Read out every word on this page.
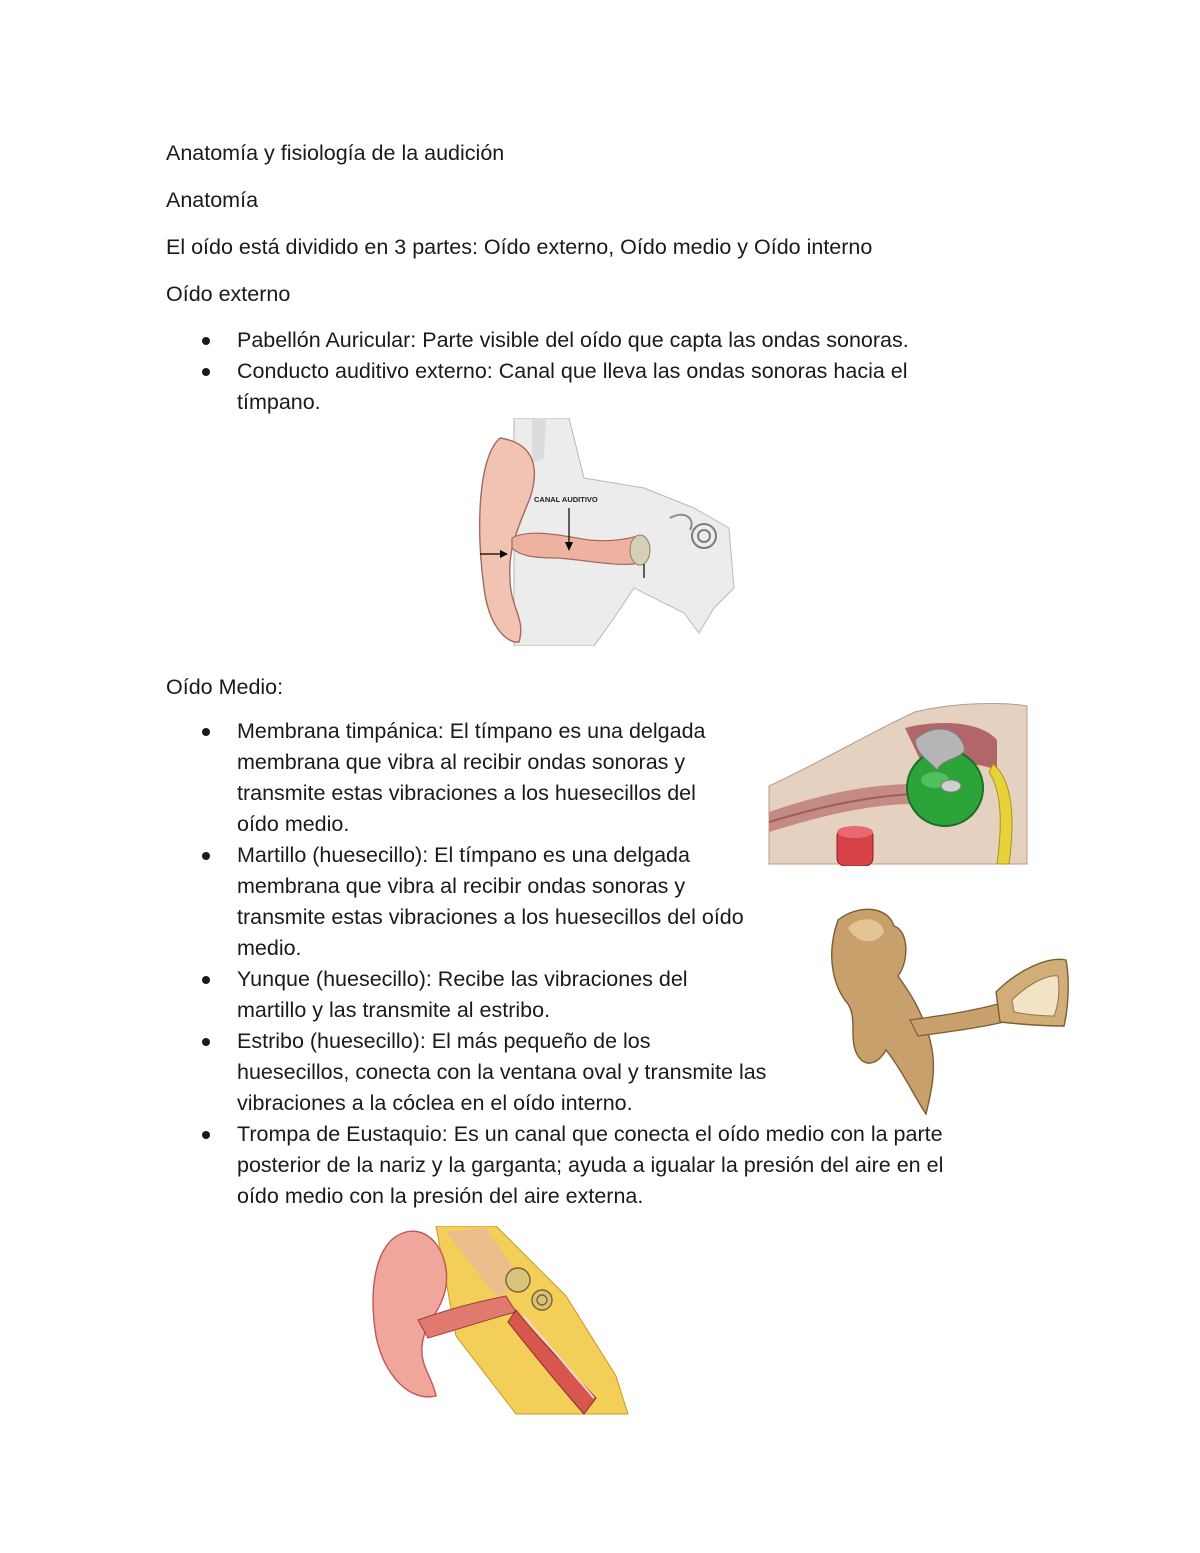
Anatomía y fisiología de la audición

Anatomía

El oído está dividido en 3 partes: Oído externo, Oído medio y Oído interno

Oído externo

Pabellón Auricular: Parte visible del oído que capta las ondas sonoras.
Conducto auditivo externo: Canal que lleva las ondas sonoras hacia el
tímpano.
CANAL AUDITIVO

Oído Medio:

Membrana timpánica: El tímpano es una delgada
membrana que vibra al recibir ondas sonoras y
transmite estas vibraciones a los huesecillos del
oído medio.
Martillo (huesecillo): El tímpano es una delgada
membrana que vibra al recibir ondas sonoras y
transmite estas vibraciones a los huesecillos del oído
medio.
Yunque (huesecillo): Recibe las vibraciones del
martillo y las transmite al estribo.
Estribo (huesecillo): El más pequeño de los
huesecillos, conecta con la ventana oval y transmite las
vibraciones a la cóclea en el oído interno.
Trompa de Eustaquio: Es un canal que conecta el oído medio con la parte
posterior de la nariz y la garganta; ayuda a igualar la presión del aire en el
oído medio con la presión del aire externa.
